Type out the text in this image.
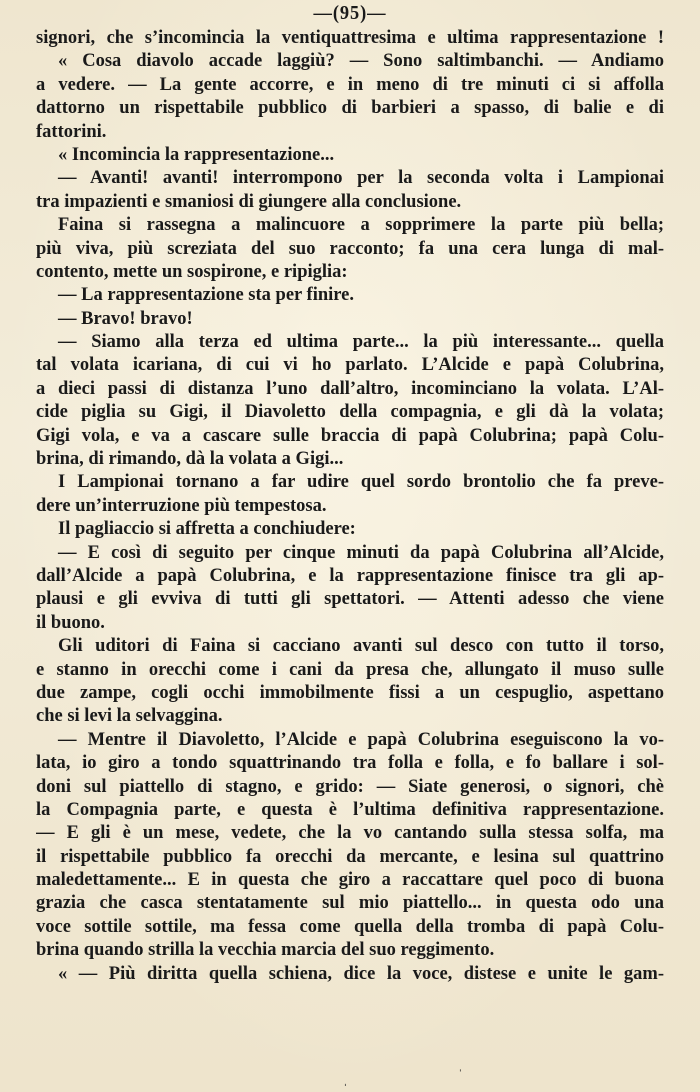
—(95)—
signori, che s’incomincia la ventiquattresima e ultima rappresentazione !
« Cosa diavolo accade laggiù? — Sono saltimbanchi. — Andiamo
a vedere. — La gente accorre, e in meno di tre minuti ci si affolla
dattorno un rispettabile pubblico di barbieri a spasso, di balie e di
fattorini.
« Incomincia la rappresentazione...
— Avanti! avanti! interrompono per la seconda volta i Lampionai
tra impazienti e smaniosi di giungere alla conclusione.
Faina si rassegna a malincuore a sopprimere la parte più bella;
più viva, più screziata del suo racconto; fa una cera lunga di mal-
contento, mette un sospirone, e ripiglia:
— La rappresentazione sta per finire.
— Bravo! bravo!
— Siamo alla terza ed ultima parte... la più interessante... quella
tal volata icariana, di cui vi ho parlato. L’Alcide e papà Colubrina,
a dieci passi di distanza l’uno dall’altro, incominciano la volata. L’Al-
cide piglia su Gigi, il Diavoletto della compagnia, e gli dà la volata;
Gigi vola, e va a cascare sulle braccia di papà Colubrina; papà Colu-
brina, di rimando, dà la volata a Gigi...
I Lampionai tornano a far udire quel sordo brontolio che fa preve-
dere un’interruzione più tempestosa.
Il pagliaccio si affretta a conchiudere:
— E così di seguito per cinque minuti da papà Colubrina all’Alcide,
dall’Alcide a papà Colubrina, e la rappresentazione finisce tra gli ap-
plausi e gli evviva di tutti gli spettatori. — Attenti adesso che viene
il buono.
Gli uditori di Faina si cacciano avanti sul desco con tutto il torso,
e stanno in orecchi come i cani da presa che, allungato il muso sulle
due zampe, cogli occhi immobilmente fissi a un cespuglio, aspettano
che si levi la selvaggina.
— Mentre il Diavoletto, l’Alcide e papà Colubrina eseguiscono la vo-
lata, io giro a tondo squattrinando tra folla e folla, e fo ballare i sol-
doni sul piattello di stagno, e grido: — Siate generosi, o signori, chè
la Compagnia parte, e questa è l’ultima definitiva rappresentazione.
— E gli è un mese, vedete, che la vo cantando sulla stessa solfa, ma
il rispettabile pubblico fa orecchi da mercante, e lesina sul quattrino
maledettamente... E in questa che giro a raccattare quel poco di buona
grazia che casca stentatamente sul mio piattello... in questa odo una
voce sottile sottile, ma fessa come quella della tromba di papà Colu-
brina quando strilla la vecchia marcia del suo reggimento.
« — Più diritta quella schiena, dice la voce, distese e unite le gam-
ˌ	ˈ
